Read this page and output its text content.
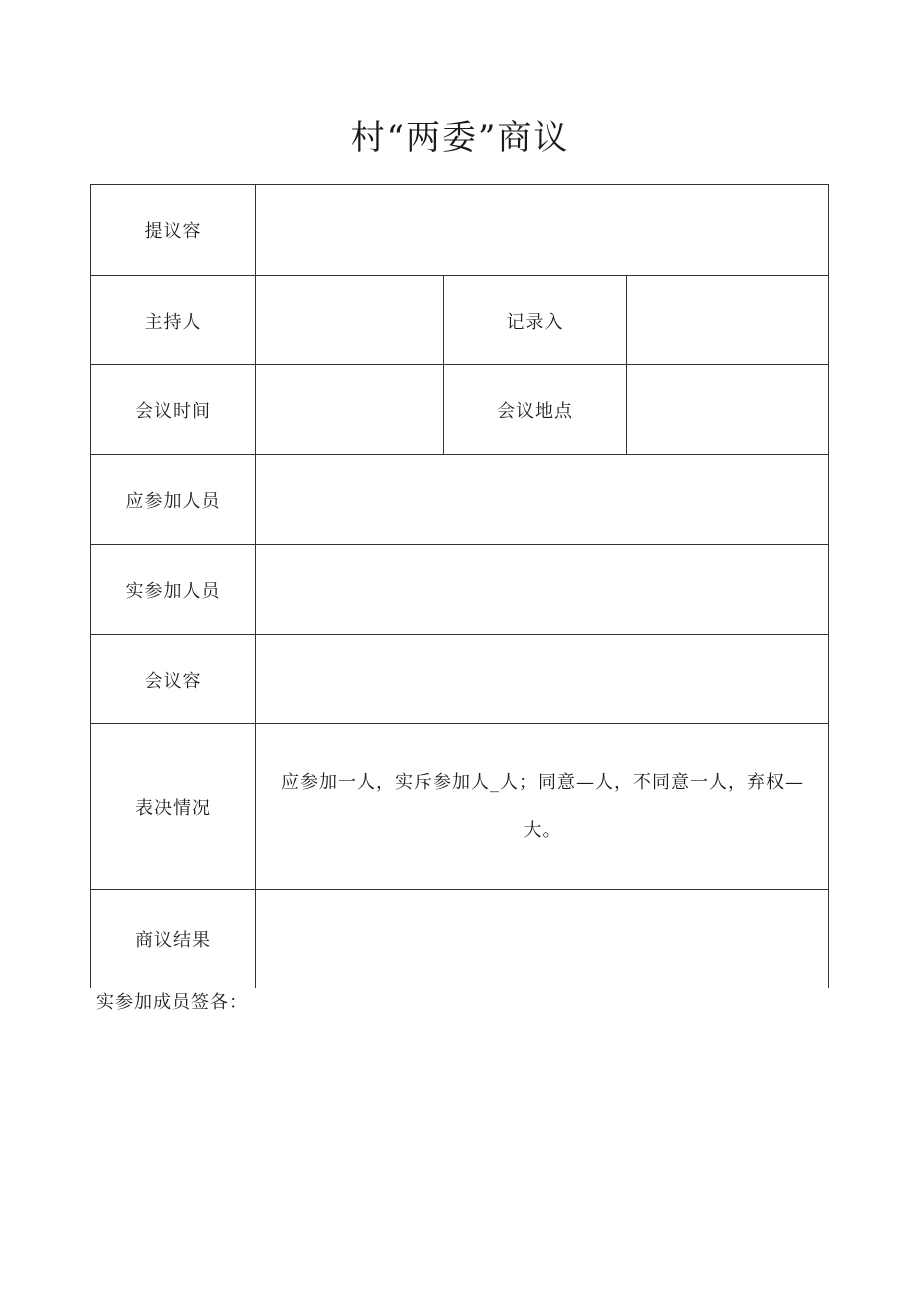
村“两委”商议
提议容
主持人	记录入
会议时间	会议地点
应参加人员
实参加人员
会议容
表决情况
应参加一人，实斥参加人_人；同意—人，不同意一人，弃权—
大。
商议结果
实参加成员签各：
